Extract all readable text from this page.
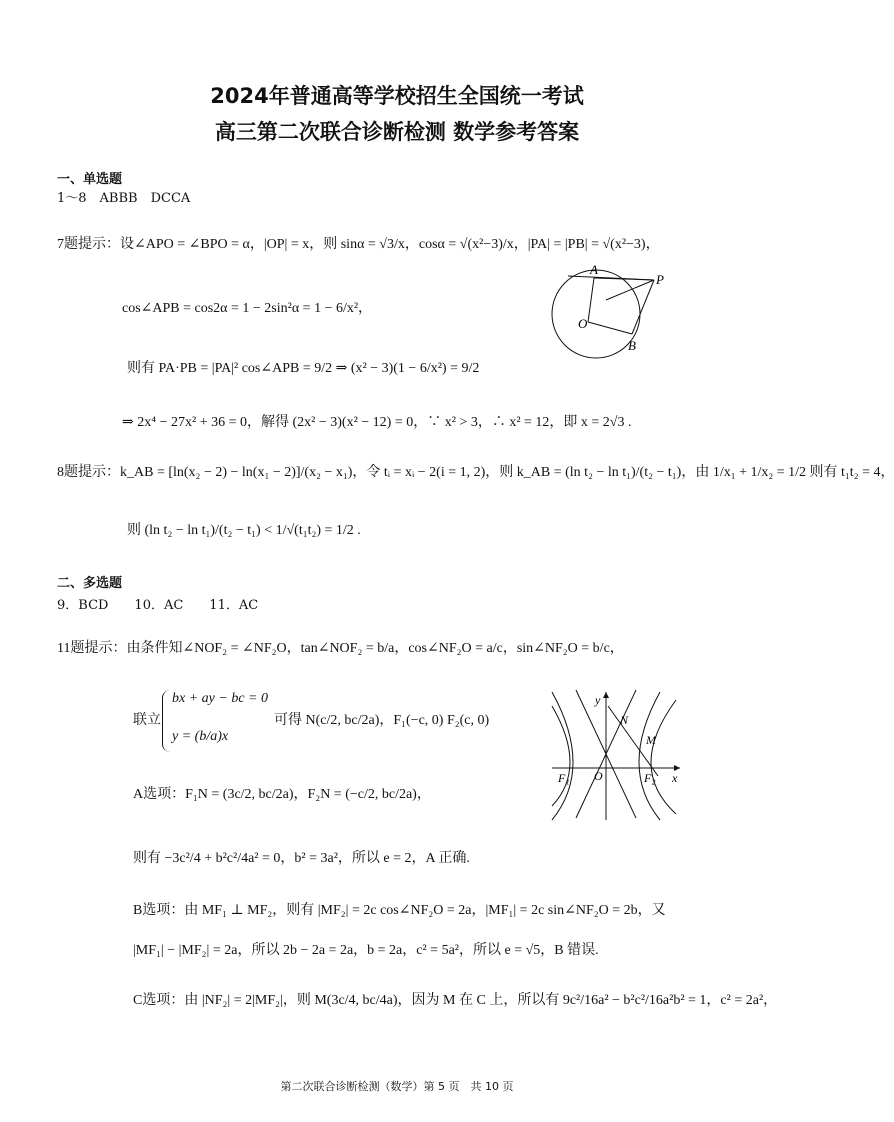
2024年普通高等学校招生全国统一考试
高三第二次联合诊断检测 数学参考答案
一、单选题
1～8　ABBB　DCCA
7题提示：设∠APO = ∠BPO = α，|OP| = x，则 sinα = √3/x，cosα = √(x²−3)/x，|PA| = |PB| = √(x²−3)，
cos∠APB = cos2α = 1 − 2sin²α = 1 − 6/x²，
则有 PA·PB = |PA|² cos∠APB = 9/2 ⇒ (x² − 3)(1 − 6/x²) = 9/2
⇒ 2x⁴ − 27x² + 36 = 0，解得 (2x² − 3)(x² − 12) = 0，∵ x² > 3，∴ x² = 12，即 x = 2√3 .
A
P
O
B
8题提示：k_AB = [ln(x₂ − 2) − ln(x₁ − 2)]/(x₂ − x₁)，令 tᵢ = xᵢ − 2(i = 1, 2)，则 k_AB = (ln t₂ − ln t₁)/(t₂ − t₁)，由 1/x₁ + 1/x₂ = 1/2 则有 t₁t₂ = 4，
则 (ln t₂ − ln t₁)/(t₂ − t₁) < 1/√(t₁t₂) = 1/2 .
二、多选题
9．BCD　　10．AC　　11．AC
11题提示：由条件知∠NOF₂ = ∠NF₂O，tan∠NOF₂ = b/a，cos∠NF₂O = a/c，sin∠NF₂O = b/c，
联立
bx + ay − bc = 0
y = (b/a)x
可得 N(c/2, bc/2a)，F₁(−c, 0) F₂(c, 0)
A选项：F₁N = (3c/2, bc/2a)，F₂N = (−c/2, bc/2a)，
则有 −3c²/4 + b²c²/4a² = 0，b² = 3a²，所以 e = 2，A 正确.
B选项：由 MF₁ ⊥ MF₂，则有 |MF₂| = 2c cos∠NF₂O = 2a，|MF₁| = 2c sin∠NF₂O = 2b，又
|MF₁| − |MF₂| = 2a，所以 2b − 2a = 2a，b = 2a，c² = 5a²，所以 e = √5，B 错误.
C选项：由 |NF₂| = 2|MF₂|，则 M(3c/4, bc/4a)，因为 M 在 C 上，所以有 9c²/16a² − b²c²/16a²b² = 1，c² = 2a²，
y
x
N
M
O
F₁	F₂
第二次联合诊断检测（数学）第 5 页　共 10 页
